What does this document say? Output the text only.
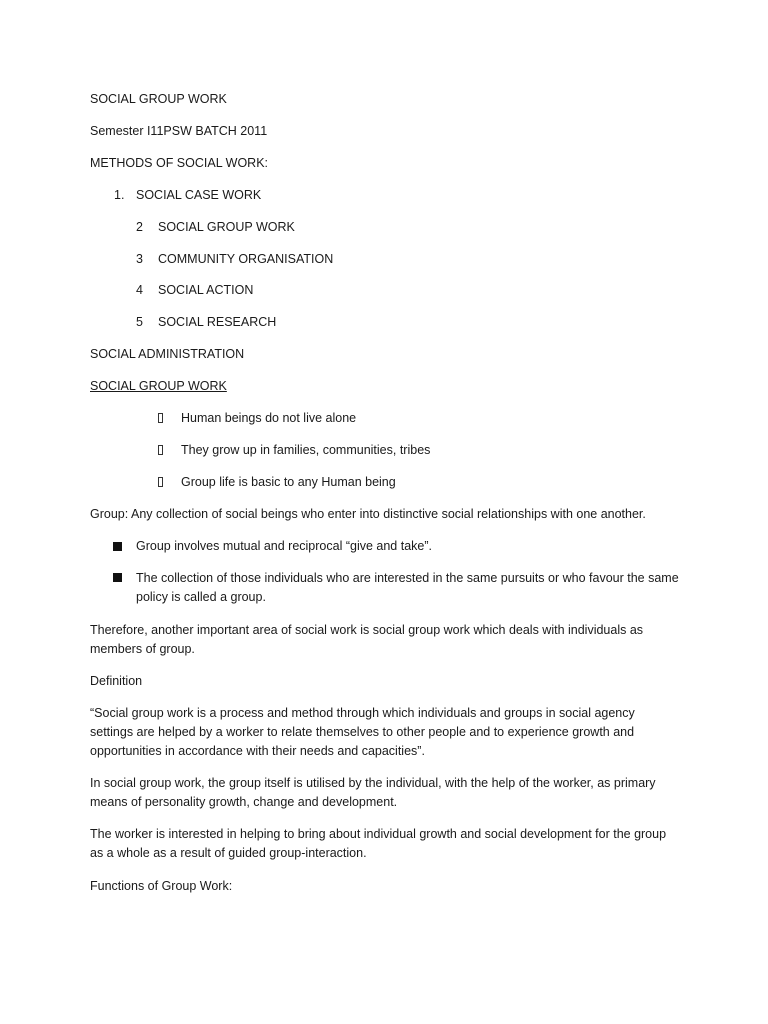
SOCIAL GROUP WORK
Semester I11PSW BATCH 2011
METHODS OF SOCIAL WORK:
1. SOCIAL CASE WORK
2 SOCIAL GROUP WORK
3 COMMUNITY ORGANISATION
4 SOCIAL ACTION
5 SOCIAL RESEARCH
SOCIAL ADMINISTRATION
SOCIAL GROUP WORK
Human beings do not live alone
They grow up in families, communities, tribes
Group life is basic to any Human being
Group: Any collection of social beings who enter into distinctive social relationships with one another.
Group involves mutual and reciprocal “give and take”.
The collection of those individuals who are interested in the same pursuits or who favour the same policy is called a group.
Therefore, another important area of social work is social group work which deals with individuals as members of group.
Definition
“Social group work is a process and method through which individuals and groups in social agency settings are helped by a worker to relate themselves to other people and to experience growth and opportunities in accordance with their needs and capacities”.
In social group work, the group itself is utilised by the individual, with the help of the worker, as primary means of personality growth, change and development.
The worker is interested in helping to bring about individual growth and social development for the group as a whole as a result of guided group-interaction.
Functions of Group Work:
